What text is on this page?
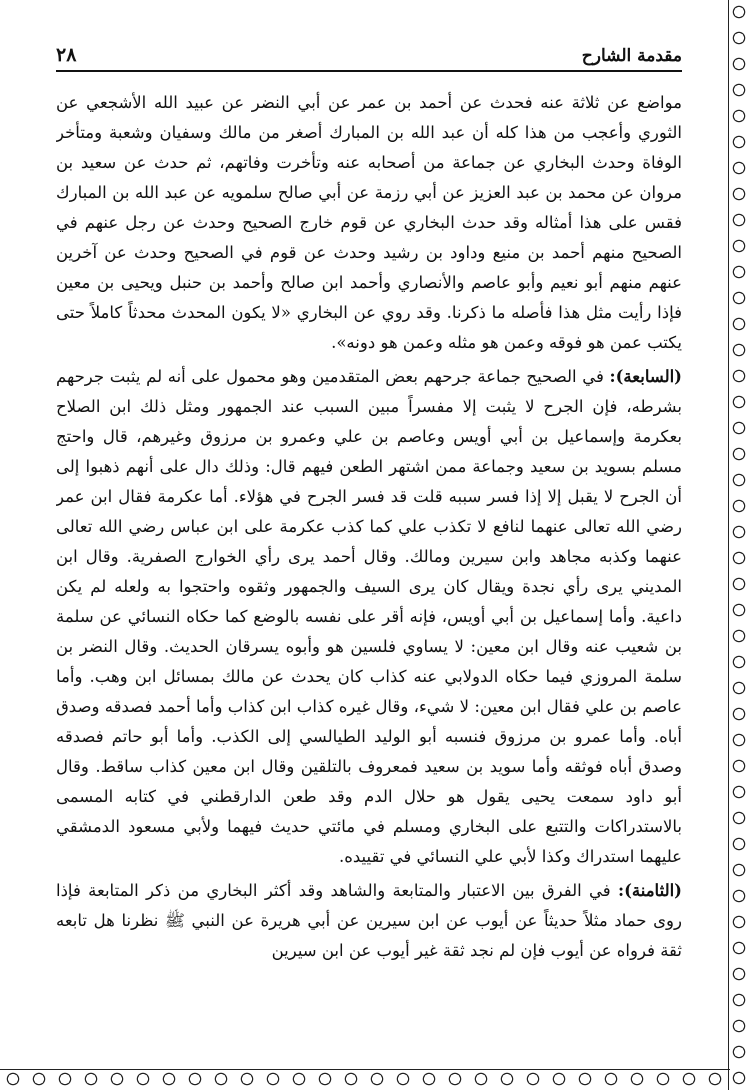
٢٨	مقدمة الشارح

مواضع عن ثلاثة عنه فحدث عن أحمد بن عمر عن أبي النضر عن عبيد الله الأشجعي عن الثوري وأعجب من هذا كله أن عبد الله بن المبارك أصغر من مالك وسفيان وشعبة ومتأخر الوفاة وحدث البخاري عن جماعة من أصحابه عنه وتأخرت وفاتهم، ثم حدث عن سعيد بن مروان عن محمد بن عبد العزيز عن أبي رزمة عن أبي صالح سلمويه عن عبد الله بن المبارك فقس على هذا أمثاله وقد حدث البخاري عن قوم خارج الصحيح وحدث عن رجل عنهم في الصحيح منهم أحمد بن منيع وداود بن رشيد وحدث عن قوم في الصحيح وحدث عن آخرين عنهم منهم أبو نعيم وأبو عاصم والأنصاري وأحمد ابن صالح وأحمد بن حنبل ويحيى بن معين فإذا رأيت مثل هذا فأصله ما ذكرنا. وقد روي عن البخاري «لا يكون المحدث محدثاً كاملاً حتى يكتب عمن هو فوقه وعمن هو مثله وعمن هو دونه».

(السابعة): في الصحيح جماعة جرحهم بعض المتقدمين وهو محمول على أنه لم يثبت جرحهم بشرطه، فإن الجرح لا يثبت إلا مفسراً مبين السبب عند الجمهور ومثل ذلك ابن الصلاح بعكرمة وإسماعيل بن أبي أويس وعاصم بن علي وعمرو بن مرزوق وغيرهم، قال واحتج مسلم بسويد بن سعيد وجماعة ممن اشتهر الطعن فيهم قال: وذلك دال على أنهم ذهبوا إلى أن الجرح لا يقبل إلا إذا فسر سببه قلت قد فسر الجرح في هؤلاء. أما عكرمة فقال ابن عمر رضي الله تعالى عنهما لنافع لا تكذب علي كما كذب عكرمة على ابن عباس رضي الله تعالى عنهما وكذبه مجاهد وابن سيرين ومالك. وقال أحمد يرى رأي الخوارج الصفرية. وقال ابن المديني يرى رأي نجدة ويقال كان يرى السيف والجمهور وثقوه واحتجوا به ولعله لم يكن داعية. وأما إسماعيل بن أبي أويس، فإنه أقر على نفسه بالوضع كما حكاه النسائي عن سلمة بن شعيب عنه وقال ابن معين: لا يساوي فلسين هو وأبوه يسرقان الحديث. وقال النضر بن سلمة المروزي فيما حكاه الدولابي عنه كذاب كان يحدث عن مالك بمسائل ابن وهب. وأما عاصم بن علي فقال ابن معين: لا شيء، وقال غيره كذاب ابن كذاب وأما أحمد فصدقه وصدق أباه. وأما عمرو بن مرزوق فنسبه أبو الوليد الطيالسي إلى الكذب. وأما أبو حاتم فصدقه وصدق أباه فوثقه وأما سويد بن سعيد فمعروف بالتلقين وقال ابن معين كذاب ساقط. وقال أبو داود سمعت يحيى يقول هو حلال الدم وقد طعن الدارقطني في كتابه المسمى بالاستدراكات والتتبع على البخاري ومسلم في مائتي حديث فيهما ولأبي مسعود الدمشقي عليهما استدراك وكذا لأبي علي النسائي في تقييده.

(الثامنة): في الفرق بين الاعتبار والمتابعة والشاهد وقد أكثر البخاري من ذكر المتابعة فإذا روى حماد مثلاً حديثاً عن أيوب عن ابن سيرين عن أبي هريرة عن النبي ﷺ نظرنا هل تابعه ثقة فرواه عن أيوب فإن لم نجد ثقة غير أيوب عن ابن سيرين
